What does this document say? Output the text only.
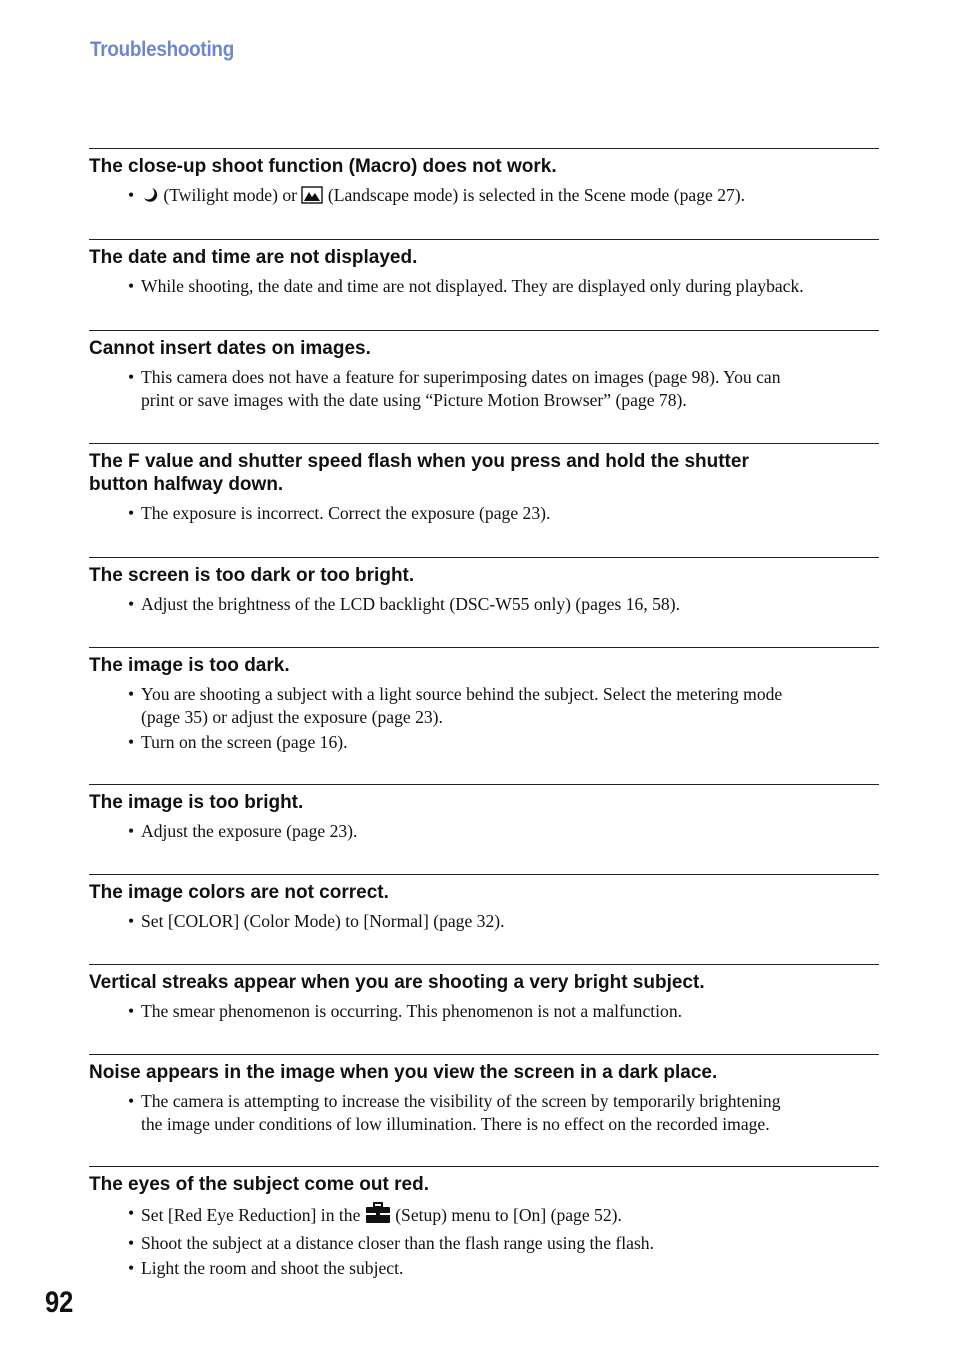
Troubleshooting
The close-up shoot function (Macro) does not work.
• (Twilight mode) or (Landscape mode) is selected in the Scene mode (page 27).
The date and time are not displayed.
• While shooting, the date and time are not displayed. They are displayed only during playback.
Cannot insert dates on images.
• This camera does not have a feature for superimposing dates on images (page 98). You can
print or save images with the date using “Picture Motion Browser” (page 78).
The F value and shutter speed flash when you press and hold the shutter
button halfway down.
• The exposure is incorrect. Correct the exposure (page 23).
The screen is too dark or too bright.
• Adjust the brightness of the LCD backlight (DSC-W55 only) (pages 16, 58).
The image is too dark.
• You are shooting a subject with a light source behind the subject. Select the metering mode
(page 35) or adjust the exposure (page 23).
• Turn on the screen (page 16).
The image is too bright.
• Adjust the exposure (page 23).
The image colors are not correct.
• Set [COLOR] (Color Mode) to [Normal] (page 32).
Vertical streaks appear when you are shooting a very bright subject.
• The smear phenomenon is occurring. This phenomenon is not a malfunction.
Noise appears in the image when you view the screen in a dark place.
• The camera is attempting to increase the visibility of the screen by temporarily brightening
the image under conditions of low illumination. There is no effect on the recorded image.
The eyes of the subject come out red.
• Set [Red Eye Reduction] in the (Setup) menu to [On] (page 52).
• Shoot the subject at a distance closer than the flash range using the flash.
• Light the room and shoot the subject.
92
